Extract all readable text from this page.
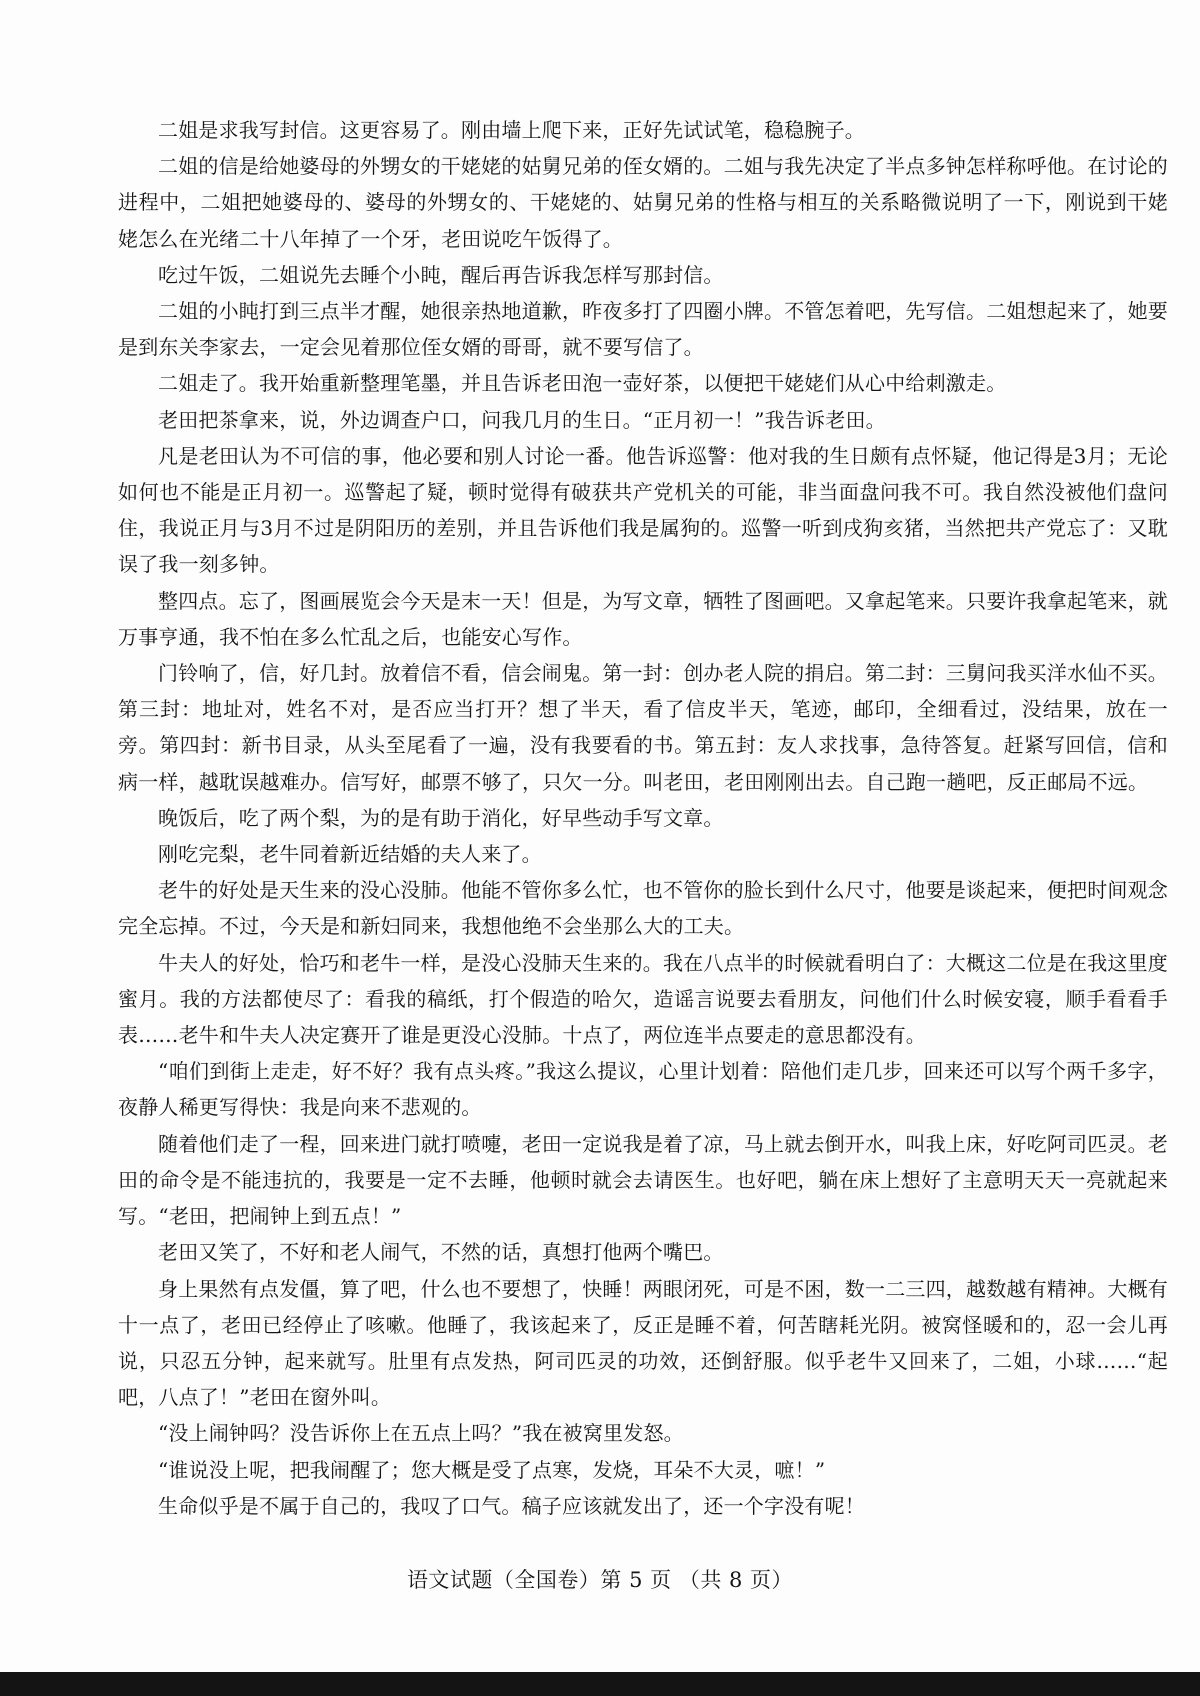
二姐是求我写封信。这更容易了。刚由墙上爬下来，正好先试试笔，稳稳腕子。

二姐的信是给她婆母的外甥女的干姥姥的姑舅兄弟的侄女婿的。二姐与我先决定了半点多钟怎样称呼他。在讨论的进程中，二姐把她婆母的、婆母的外甥女的、干姥姥的、姑舅兄弟的性格与相互的关系略微说明了一下，刚说到干姥姥怎么在光绪二十八年掉了一个牙，老田说吃午饭得了。

吃过午饭，二姐说先去睡个小盹，醒后再告诉我怎样写那封信。

二姐的小盹打到三点半才醒，她很亲热地道歉，昨夜多打了四圈小牌。不管怎着吧，先写信。二姐想起来了，她要是到东关李家去，一定会见着那位侄女婿的哥哥，就不要写信了。

二姐走了。我开始重新整理笔墨，并且告诉老田泡一壶好茶，以便把干姥姥们从心中给刺激走。

老田把茶拿来，说，外边调查户口，问我几月的生日。“正月初一！”我告诉老田。

凡是老田认为不可信的事，他必要和别人讨论一番。他告诉巡警：他对我的生日颇有点怀疑，他记得是3月；无论如何也不能是正月初一。巡警起了疑，顿时觉得有破获共产党机关的可能，非当面盘问我不可。我自然没被他们盘问住，我说正月与3月不过是阴阳历的差别，并且告诉他们我是属狗的。巡警一听到戌狗亥猪，当然把共产党忘了：又耽误了我一刻多钟。

整四点。忘了，图画展览会今天是末一天！但是，为写文章，牺牲了图画吧。又拿起笔来。只要许我拿起笔来，就万事亨通，我不怕在多么忙乱之后，也能安心写作。

门铃响了，信，好几封。放着信不看，信会闹鬼。第一封：创办老人院的捐启。第二封：三舅问我买洋水仙不买。第三封：地址对，姓名不对，是否应当打开？想了半天，看了信皮半天，笔迹，邮印，全细看过，没结果，放在一旁。第四封：新书目录，从头至尾看了一遍，没有我要看的书。第五封：友人求找事，急待答复。赶紧写回信，信和病一样，越耽误越难办。信写好，邮票不够了，只欠一分。叫老田，老田刚刚出去。自己跑一趟吧，反正邮局不远。

晚饭后，吃了两个梨，为的是有助于消化，好早些动手写文章。

刚吃完梨，老牛同着新近结婚的夫人来了。

老牛的好处是天生来的没心没肺。他能不管你多么忙，也不管你的脸长到什么尺寸，他要是谈起来，便把时间观念完全忘掉。不过，今天是和新妇同来，我想他绝不会坐那么大的工夫。

牛夫人的好处，恰巧和老牛一样，是没心没肺天生来的。我在八点半的时候就看明白了：大概这二位是在我这里度蜜月。我的方法都使尽了：看我的稿纸，打个假造的哈欠，造谣言说要去看朋友，问他们什么时候安寝，顺手看看手表……老牛和牛夫人决定赛开了谁是更没心没肺。十点了，两位连半点要走的意思都没有。

“咱们到街上走走，好不好？我有点头疼。”我这么提议，心里计划着：陪他们走几步，回来还可以写个两千多字，夜静人稀更写得快：我是向来不悲观的。

随着他们走了一程，回来进门就打喷嚏，老田一定说我是着了凉，马上就去倒开水，叫我上床，好吃阿司匹灵。老田的命令是不能违抗的，我要是一定不去睡，他顿时就会去请医生。也好吧，躺在床上想好了主意明天天一亮就起来写。“老田，把闹钟上到五点！”

老田又笑了，不好和老人闹气，不然的话，真想打他两个嘴巴。

身上果然有点发僵，算了吧，什么也不要想了，快睡！两眼闭死，可是不困，数一二三四，越数越有精神。大概有十一点了，老田已经停止了咳嗽。他睡了，我该起来了，反正是睡不着，何苦瞎耗光阴。被窝怪暖和的，忍一会儿再说，只忍五分钟，起来就写。肚里有点发热，阿司匹灵的功效，还倒舒服。似乎老牛又回来了，二姐，小球……“起吧，八点了！”老田在窗外叫。

“没上闹钟吗？没告诉你上在五点上吗？”我在被窝里发怒。

“谁说没上呢，把我闹醒了；您大概是受了点寒，发烧，耳朵不大灵，嗻！”

生命似乎是不属于自己的，我叹了口气。稿子应该就发出了，还一个字没有呢！

语文试题（全国卷）第 5 页 （共 8 页）
